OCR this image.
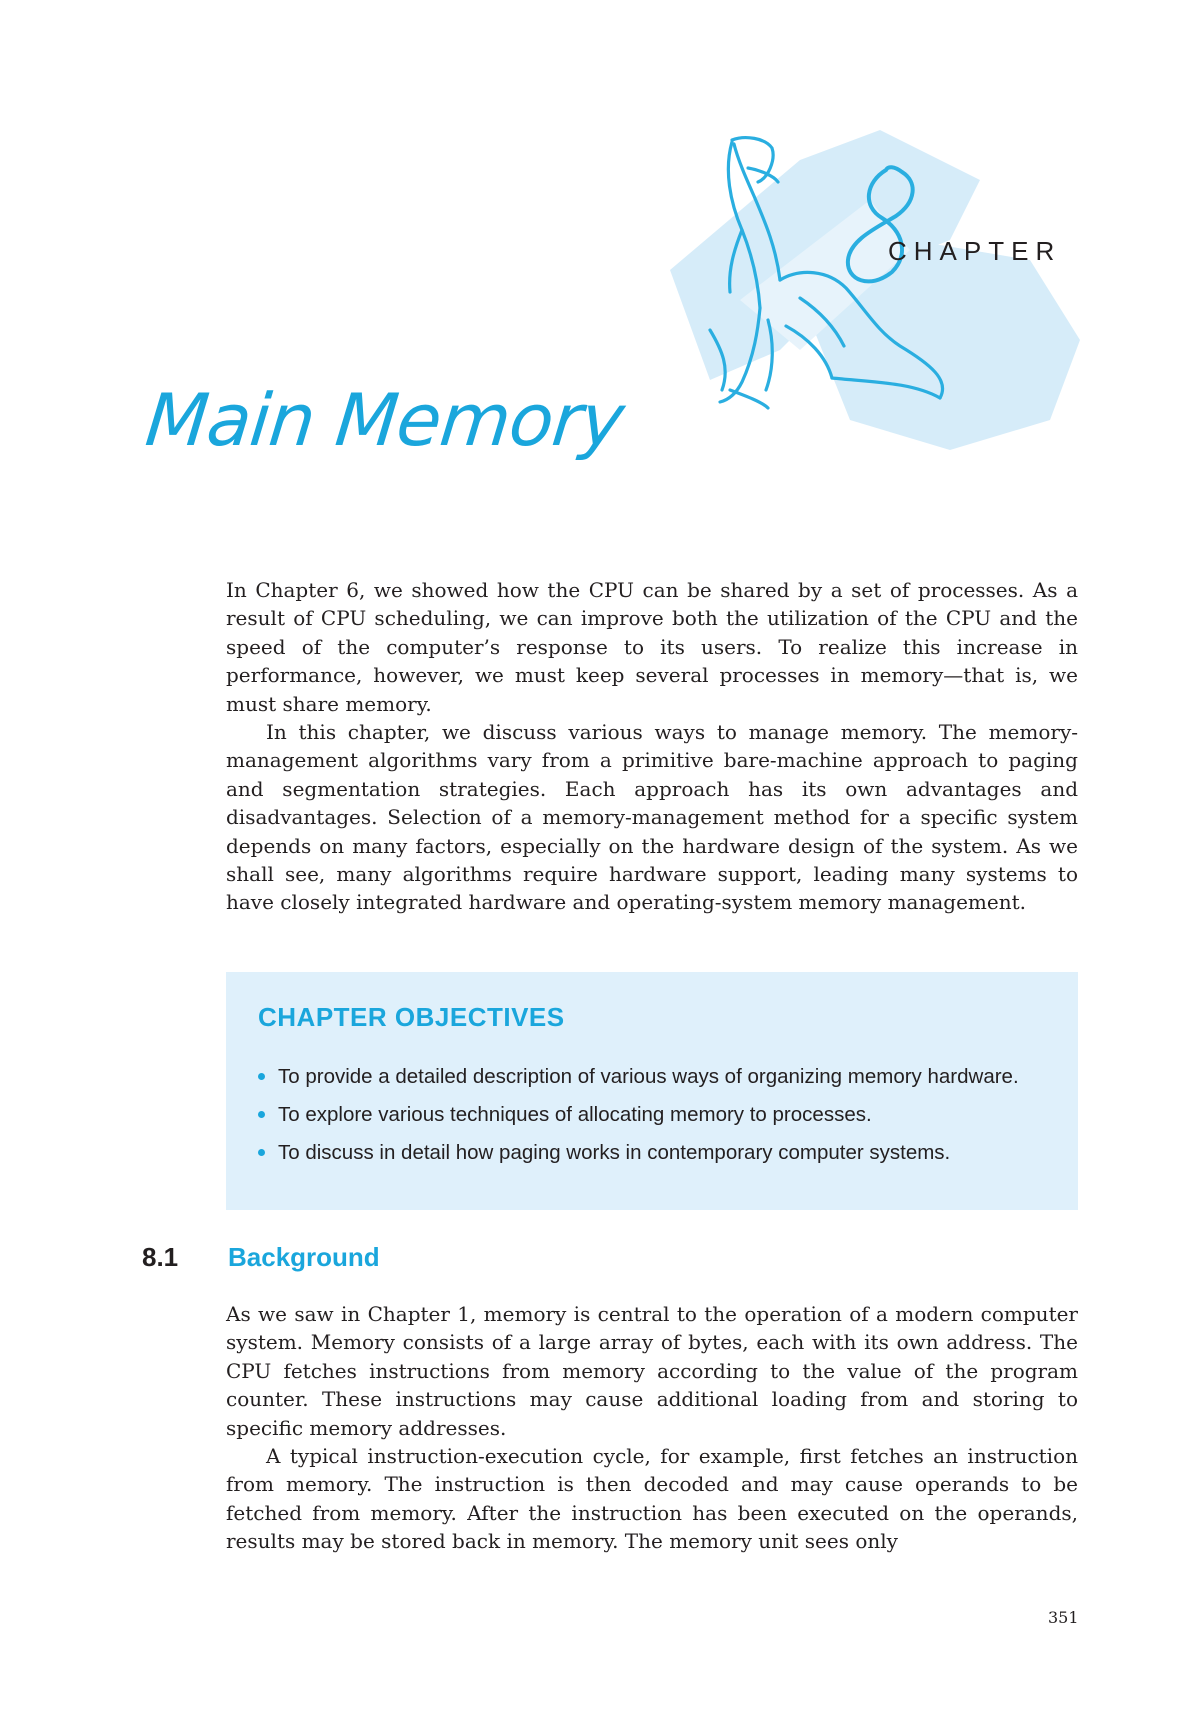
CHAPTER
Main Memory

In Chapter 6, we showed how the CPU can be shared by a set of processes. As a result of CPU scheduling, we can improve both the utilization of the CPU and the speed of the computer’s response to its users. To realize this increase in performance, however, we must keep several processes in memory—that is, we must share memory.

In this chapter, we discuss various ways to manage memory. The memory-management algorithms vary from a primitive bare-machine approach to paging and segmentation strategies. Each approach has its own advantages and disadvantages. Selection of a memory-management method for a specific system depends on many factors, especially on the hardware design of the system. As we shall see, many algorithms require hardware support, leading many systems to have closely integrated hardware and operating-system memory management.

CHAPTER OBJECTIVES
To provide a detailed description of various ways of organizing memory hardware.
To explore various techniques of allocating memory to processes.
To discuss in detail how paging works in contemporary computer systems.
8.1 Background

As we saw in Chapter 1, memory is central to the operation of a modern computer system. Memory consists of a large array of bytes, each with its own address. The CPU fetches instructions from memory according to the value of the program counter. These instructions may cause additional loading from and storing to specific memory addresses.

A typical instruction-execution cycle, for example, first fetches an instruction from memory. The instruction is then decoded and may cause operands to be fetched from memory. After the instruction has been executed on the operands, results may be stored back in memory. The memory unit sees only

351
